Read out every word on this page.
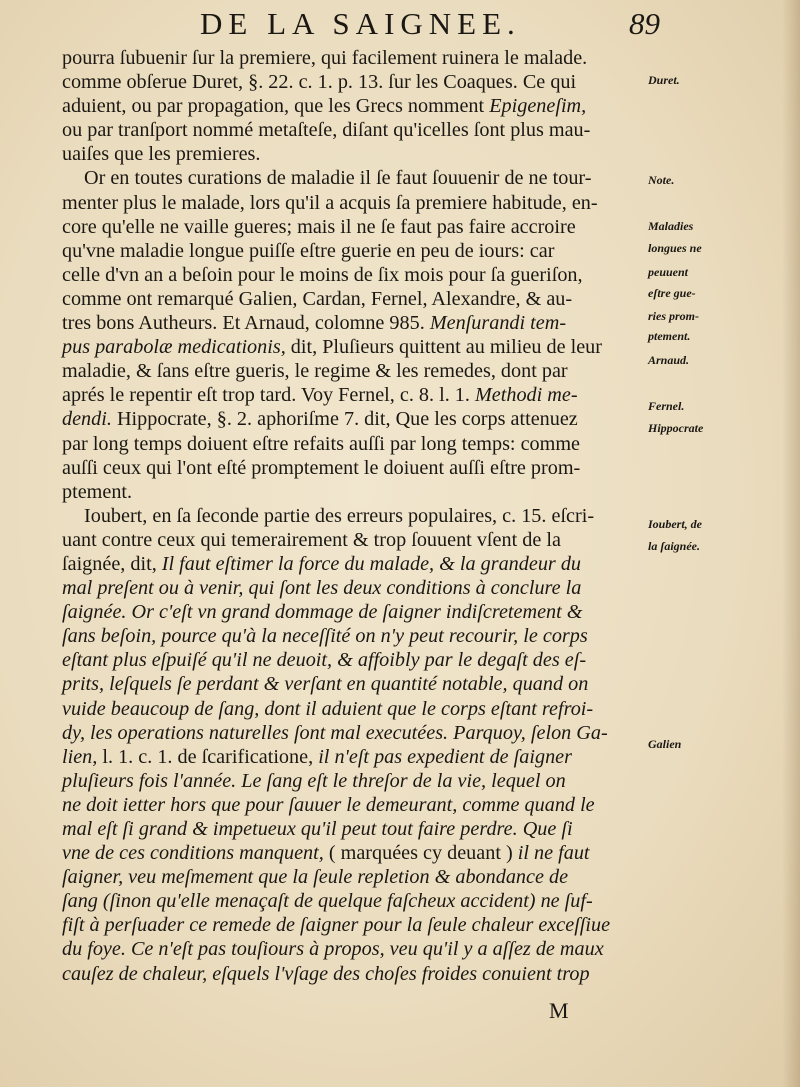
DE LA SAIGNEE.	89
pourra ſubuenir ſur la premiere, qui facilement ruinera le malade.
comme obſerue Duret, §. 22. c. 1. p. 13. ſur les Coaques. Ce qui
aduient, ou par propagation, que les Grecs nomment Epigeneſim,
ou par tranſport nommé metaſteſe, diſant qu'icelles ſont plus mau-
uaiſes que les premieres.
Or en toutes curations de maladie il ſe faut ſouuenir de ne tour-
menter plus le malade, lors qu'il a acquis ſa premiere habitude, en-
core qu'elle ne vaille gueres; mais il ne ſe faut pas faire accroire
qu'vne maladie longue puiſſe eſtre guerie en peu de iours: car
celle d'vn an a beſoin pour le moins de ſix mois pour ſa gueriſon,
comme ont remarqué Galien, Cardan, Fernel, Alexandre, & au-
tres bons Autheurs. Et Arnaud, colomne 985. Menſurandi tem-
pus parabolæ medicationis, dit, Pluſieurs quittent au milieu de leur
maladie, & ſans eſtre gueris, le regime & les remedes, dont par
aprés le repentir eſt trop tard. Voy Fernel, c. 8. l. 1. Methodi me-
dendi. Hippocrate, §. 2. aphoriſme 7. dit, Que les corps attenuez
par long temps doiuent eſtre refaits auſſi par long temps: comme
auſſi ceux qui l'ont eſté promptement le doiuent auſſi eſtre prom-
ptement.
Ioubert, en ſa ſeconde partie des erreurs populaires, c. 15. eſcri-
uant contre ceux qui temerairement & trop ſouuent vſent de la
ſaignée, dit, Il faut eſtimer la force du malade, & la grandeur du
mal preſent ou à venir, qui ſont les deux conditions à conclure la
ſaignée. Or c'eſt vn grand dommage de ſaigner indiſcretement &
ſans beſoin, pource qu'à la neceſſité on n'y peut recourir, le corps
eſtant plus eſpuiſé qu'il ne deuoit, & affoibly par le degaſt des eſ-
prits, leſquels ſe perdant & verſant en quantité notable, quand on
vuide beaucoup de ſang, dont il aduient que le corps eſtant refroi-
dy, les operations naturelles ſont mal executées. Parquoy, ſelon Ga-
lien, l. 1. c. 1. de ſcarificatione, il n'eſt pas expedient de ſaigner
pluſieurs fois l'année. Le ſang eſt le threſor de la vie, lequel on
ne doit ietter hors que pour ſauuer le demeurant, comme quand le
mal eſt ſi grand & impetueux qu'il peut tout faire perdre. Que ſi
vne de ces conditions manquent, ( marquées cy deuant ) il ne faut
ſaigner, veu meſmement que la ſeule repletion & abondance de
ſang (ſinon qu'elle menaçaſt de quelque faſcheux accident) ne ſuf-
fiſt à perſuader ce remede de ſaigner pour la ſeule chaleur exceſſiue
du foye. Ce n'eſt pas touſiours à propos, veu qu'il y a aſſez de maux
cauſez de chaleur, eſquels l'vſage des choſes froides conuient trop
Duret.
Note.
Maladies
longues ne
peuuent
eſtre gue-
ries prom-
ptement.
Arnaud.
Fernel.
Hippocrate
Ioubert, de
la ſaignée.
Galien
M
